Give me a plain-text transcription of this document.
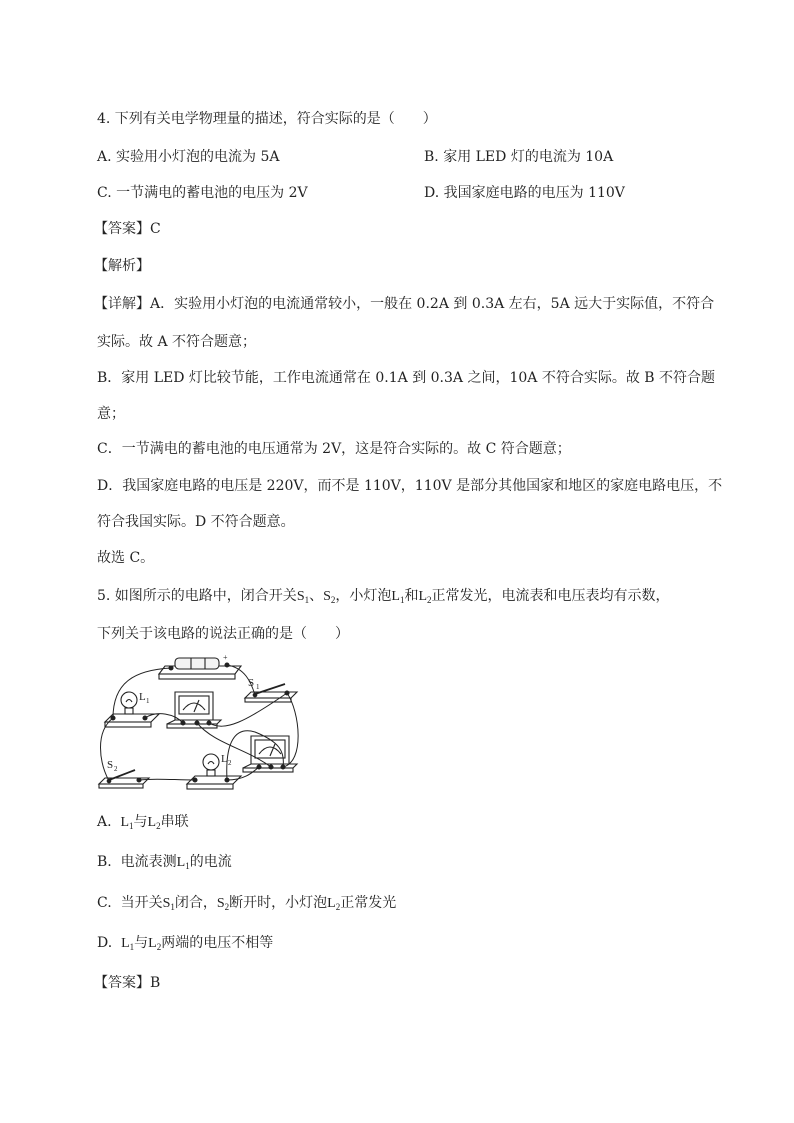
4. 下列有关电学物理量的描述，符合实际的是（　　）
A. 实验用小灯泡的电流为 5A	B. 家用 LED 灯的电流为 10A
C. 一节满电的蓄电池的电压为 2V	D. 我国家庭电路的电压为 110V
【答案】C
【解析】
【详解】A．实验用小灯泡的电流通常较小，一般在 0.2A 到 0.3A 左右，5A 远大于实际值，不符合
实际。故 A 不符合题意；
B．家用 LED 灯比较节能，工作电流通常在 0.1A 到 0.3A 之间，10A 不符合实际。故 B 不符合题
意；
C．一节满电的蓄电池的电压通常为 2V，这是符合实际的。故 C 符合题意；
D．我国家庭电路的电压是 220V，而不是 110V，110V 是部分其他国家和地区的家庭电路电压，不
符合我国实际。D 不符合题意。
故选 C。
5. 如图所示的电路中，闭合开关$S_1$、$S_2$，小灯泡$L_1$和$L_2$正常发光，电流表和电压表均有示数，
下列关于该电路的说法正确的是（　　）
S 1
L 1
S 2
L 2
+
A. $L_1$与$L_2$串联
B. 电流表测$L_1$的电流
C. 当开关$S_1$闭合，$S_2$断开时，小灯泡$L_2$正常发光
D. $L_1$与$L_2$两端的电压不相等
【答案】B
